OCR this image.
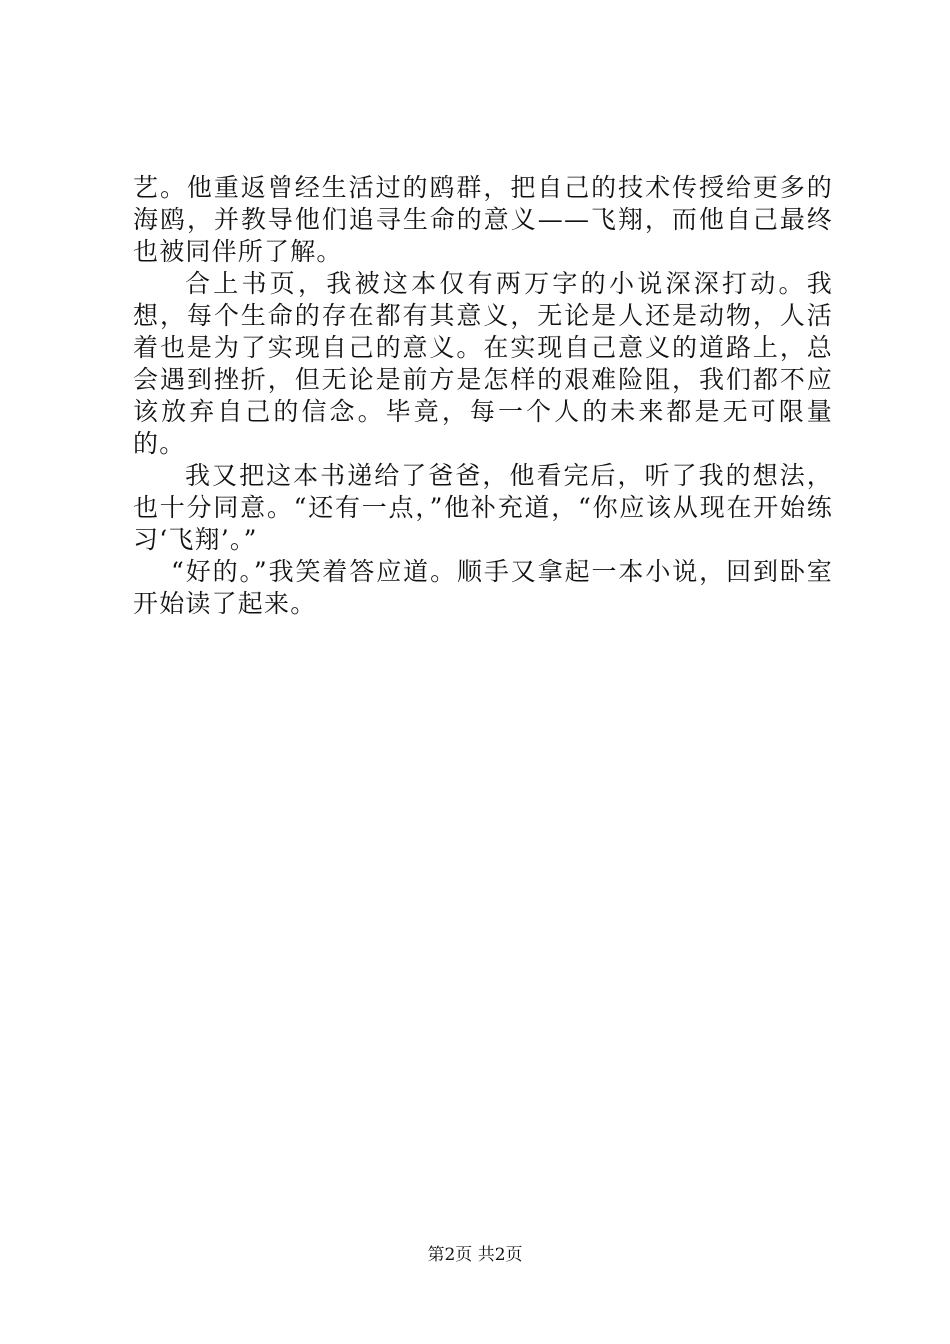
艺。他重返曾经生活过的鸥群，把自己的技术传授给更多的海鸥，并教导他们追寻生命的意义——飞翔，而他自己最终也被同伴所了解。

合上书页，我被这本仅有两万字的小说深深打动。我想，每个生命的存在都有其意义，无论是人还是动物，人活着也是为了实现自己的意义。在实现自己意义的道路上，总会遇到挫折，但无论是前方是怎样的艰难险阻，我们都不应该放弃自己的信念。毕竟，每一个人的未来都是无可限量的。

我又把这本书递给了爸爸，他看完后，听了我的想法，也十分同意。“还有一点，”他补充道，“你应该从现在开始练习‘飞翔’。”

“好的。”我笑着答应道。顺手又拿起一本小说，回到卧室开始读了起来。

第2页 共2页
